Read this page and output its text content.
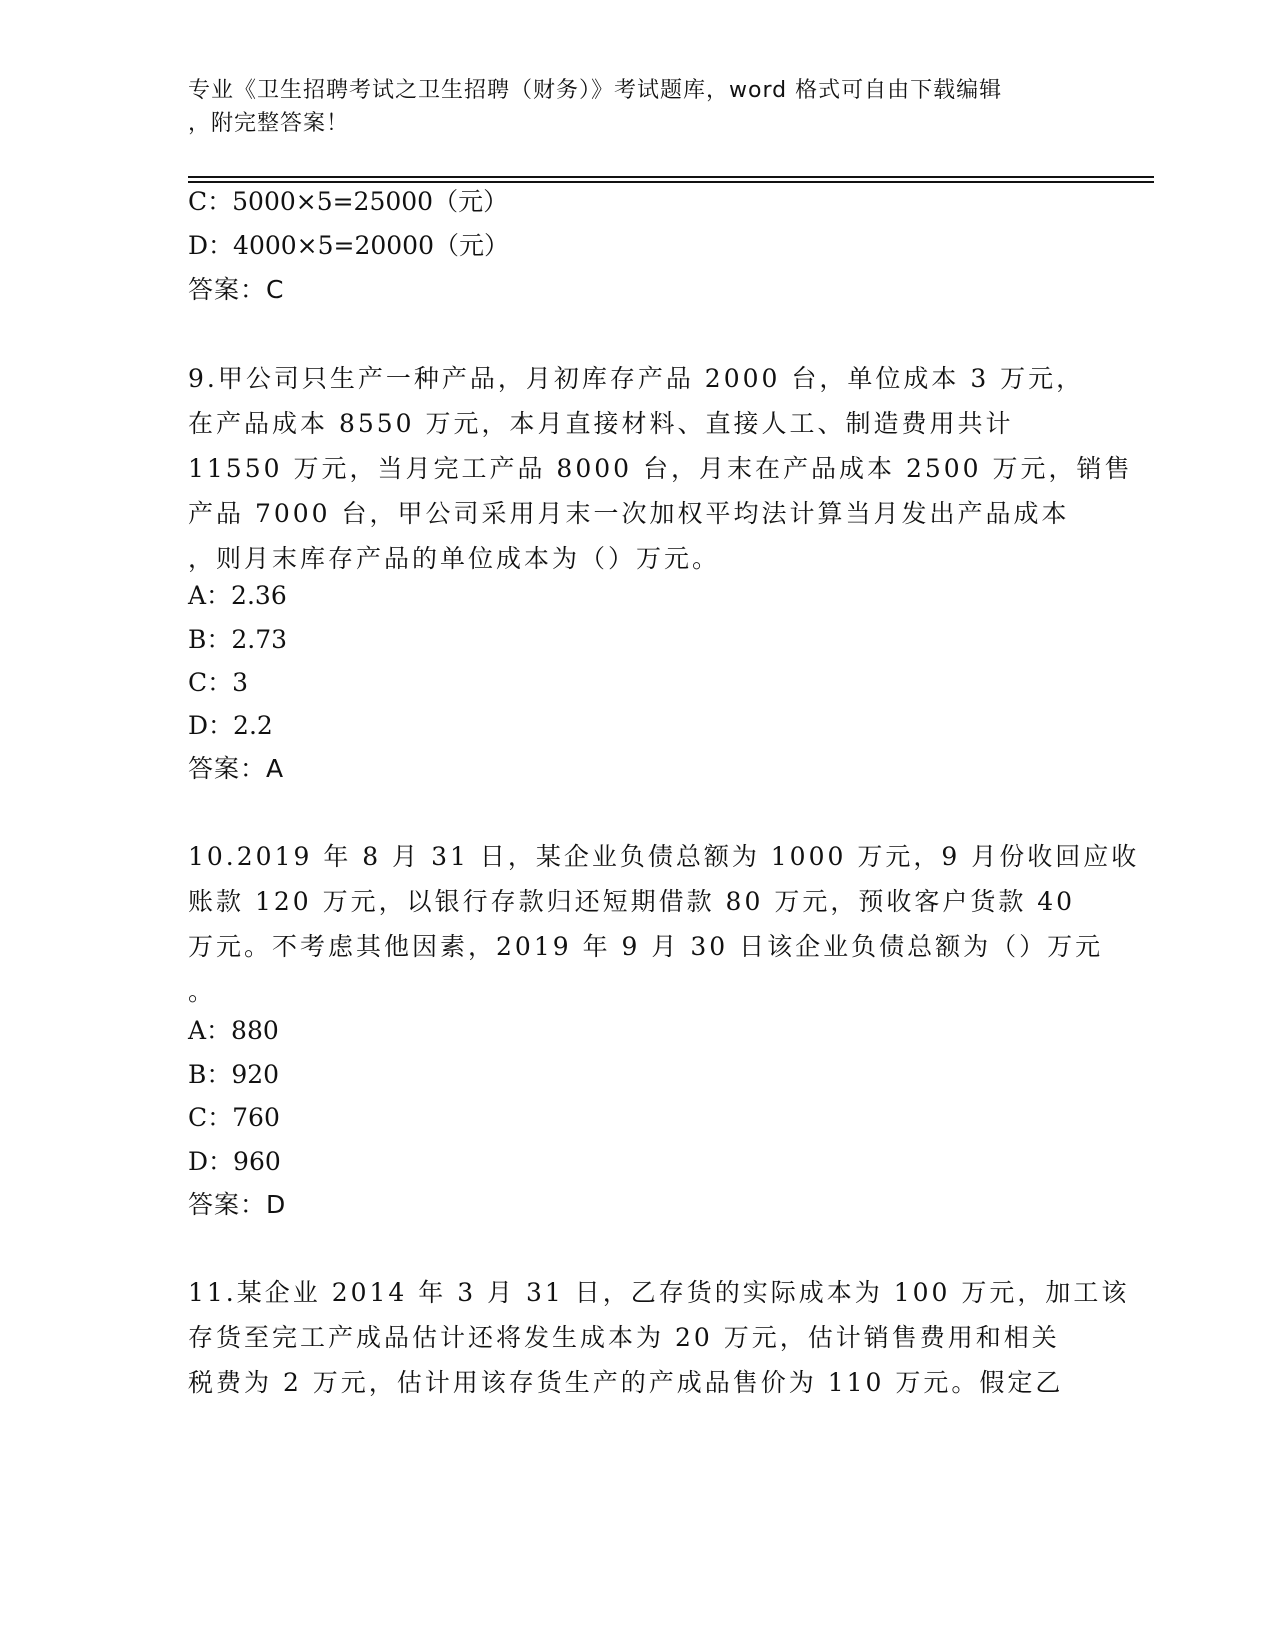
专业《卫生招聘考试之卫生招聘（财务）》考试题库，word 格式可自由下载编辑
，附完整答案！
C：5000×5=25000（元）
D：4000×5=20000（元）
答案：C
9.甲公司只生产一种产品，月初库存产品 2000 台，单位成本 3 万元，
在产品成本 8550 万元，本月直接材料、直接人工、制造费用共计
11550 万元，当月完工产品 8000 台，月末在产品成本 2500 万元，销售
产品 7000 台，甲公司采用月末一次加权平均法计算当月发出产品成本
，则月末库存产品的单位成本为（）万元。
A：2.36
B：2.73
C：3
D：2.2
答案：A
10.2019 年 8 月 31 日，某企业负债总额为 1000 万元，9 月份收回应收
账款 120 万元，以银行存款归还短期借款 80 万元，预收客户货款 40
万元。不考虑其他因素，2019 年 9 月 30 日该企业负债总额为（）万元
。
A：880
B：920
C：760
D：960
答案：D
11.某企业 2014 年 3 月 31 日，乙存货的实际成本为 100 万元，加工该
存货至完工产成品估计还将发生成本为 20 万元，估计销售费用和相关
税费为 2 万元，估计用该存货生产的产成品售价为 110 万元。假定乙
